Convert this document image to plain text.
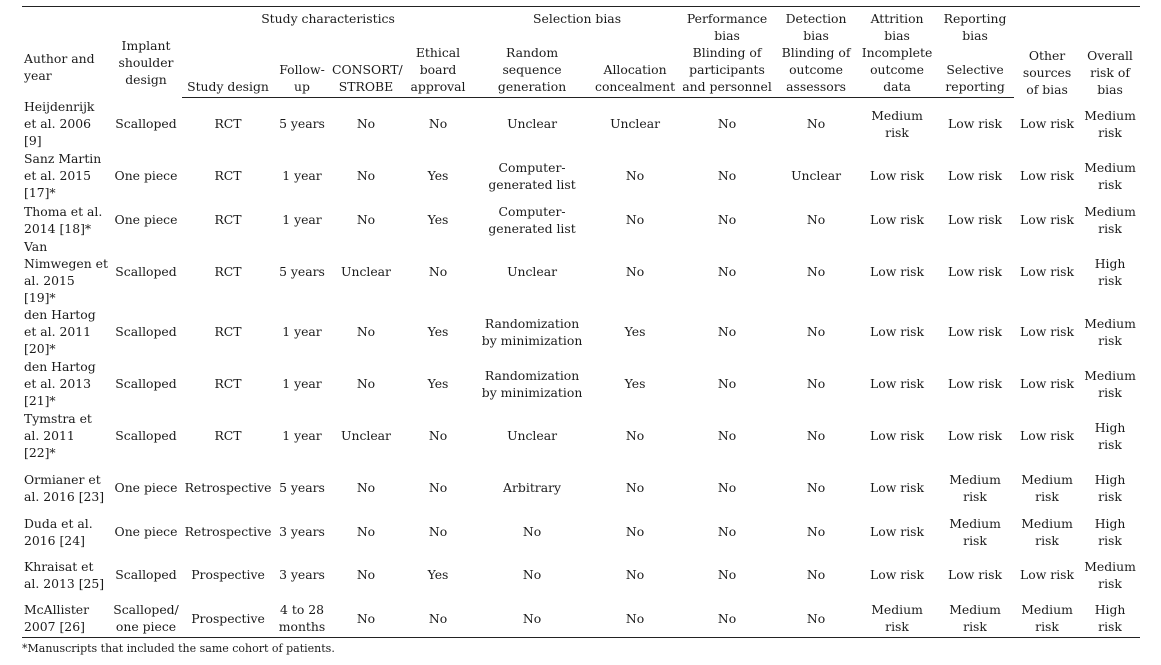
Author and year	Implant shoulder design	Study characteristics				Selection bias		Performance bias	Detection bias	Attrition bias	Reporting bias	Other sources of bias	Overall risk of bias
		Study design	Follow-up	CONSORT/ STROBE	Ethical board approval	Random sequence generation	Allocation concealment	Blinding of participants and personnel	Blinding of outcome assessors	Incomplete outcome data	Selective reporting		
Heijdenrijk et al. 2006 [9]	Scalloped	RCT	5 years	No	No	Unclear	Unclear	No	No	Medium risk	Low risk	Low risk	Medium risk
Sanz Martin et al. 2015 [17]*	One piece	RCT	1 year	No	Yes	Computer-generated list	No	No	Unclear	Low risk	Low risk	Low risk	Medium risk
Thoma et al. 2014 [18]*	One piece	RCT	1 year	No	Yes	Computer-generated list	No	No	No	Low risk	Low risk	Low risk	Medium risk
Van Nimwegen et al. 2015 [19]*	Scalloped	RCT	5 years	Unclear	No	Unclear	No	No	No	Low risk	Low risk	Low risk	High risk
den Hartog et al. 2011 [20]*	Scalloped	RCT	1 year	No	Yes	Randomization by minimization	Yes	No	No	Low risk	Low risk	Low risk	Medium risk
den Hartog et al. 2013 [21]*	Scalloped	RCT	1 year	No	Yes	Randomization by minimization	Yes	No	No	Low risk	Low risk	Low risk	Medium risk
Tymstra et al. 2011 [22]*	Scalloped	RCT	1 year	Unclear	No	Unclear	No	No	No	Low risk	Low risk	Low risk	High risk
Ormianer et al. 2016 [23]	One piece	Retrospective	5 years	No	No	Arbitrary	No	No	No	Low risk	Medium risk	Medium risk	High risk
Duda et al. 2016 [24]	One piece	Retrospective	3 years	No	No	No	No	No	No	Low risk	Medium risk	Medium risk	High risk
Khraisat et al. 2013 [25]	Scalloped	Prospective	3 years	No	Yes	No	No	No	No	Low risk	Low risk	Low risk	Medium risk
McAllister 2007 [26]	Scalloped/ one piece	Prospective	4 to 28 months	No	No	No	No	No	No	Medium risk	Medium risk	Medium risk	High risk
*Manuscripts that included the same cohort of patients.
